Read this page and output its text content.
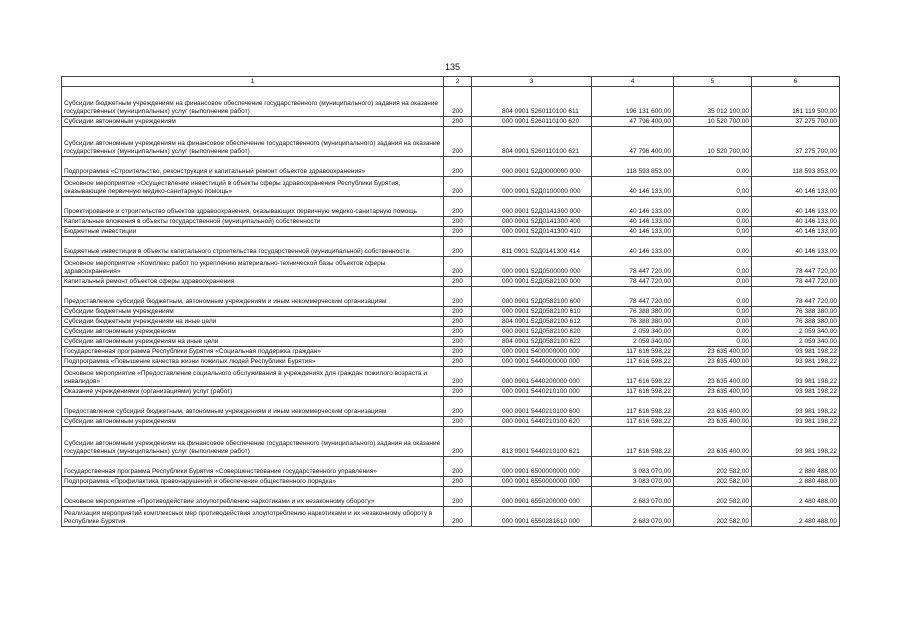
135
1	2	3	4	5	6
Субсидии бюджетным учреждениям на финансовое обеспечение государственного (муниципального) задания на оказание государственных (муниципальных) услуг (выполнение работ)	200	804 0901 5260110100 611	196 131 600,00	35 012 100,00	161 119 500,00
Субсидии автономным учреждениям	200	000 0901 5260110100 620	47 796 400,00	10 520 700,00	37 275 700,00
Субсидии автономным учреждениям на финансовое обеспечение государственного (муниципального) задания на оказание государственных (муниципальных) услуг (выполнение работ)	200	804 0901 5260110100 621	47 796 400,00	10 520 700,00	37 275 700,00
Подпрограмма «Строительство, реконструкция и капитальный ремонт объектов здравоохранения»	200	000 0901 52Д0000000 000	118 593 853,00	0,00	118 593 853,00
Основное мероприятие «Осуществление инвестиций в объекты сферы здравоохранения Республики Бурятия, оказывающие первичную медико-санитарную помощь»	200	000 0901 52Д0100000 000	40 146 133,00	0,00	40 146 133,00
Проектирование и строительство объектов здравоохранения, оказывающих первичную медико-санитарную помощь	200	000 0901 52Д0141300 000	40 146 133,00	0,00	40 146 133,00
Капитальные вложения в объекты государственной (муниципальной) собственности	200	000 0901 52Д0141300 400	40 146 133,00	0,00	40 146 133,00
Бюджетные инвестиции	200	000 0901 52Д0141300 410	40 146 133,00	0,00	40 146 133,00
Бюджетные инвестиции в объекты капитального строительства государственной (муниципальной) собственности	200	811 0901 52Д0141300 414	40 146 133,00	0,00	40 146 133,00
Основное мероприятие «Комплекс работ по укреплению материально-технической базы объектов сферы здравоохранения»	200	000 0901 52Д0500000 000	78 447 720,00	0,00	78 447 720,00
Капитальный ремонт объектов сферы здравоохранения	200	000 0901 52Д0582100 000	78 447 720,00	0,00	78 447 720,00
Предоставление субсидий бюджетным, автономным учреждениям и иным некоммерческим организациям	200	000 0901 52Д0582100 600	78 447 720,00	0,00	78 447 720,00
Субсидии бюджетным учреждениям	200	000 0901 52Д0582100 610	76 388 380,00	0,00	76 388 380,00
Субсидии бюджетным учреждениям на иные цели	200	804 0901 52Д0582100 612	76 388 380,00	0,00	76 388 380,00
Субсидии автономным учреждениям	200	000 0901 52Д0582100 620	2 059 340,00	0,00	2 059 340,00
Субсидии автономным учреждениям на иные цели	200	804 0901 52Д0582100 622	2 059 340,00	0,00	2 059 340,00
Государственная программа Республики Бурятия «Социальная поддержка граждан»	200	000 0901 5400000000 000	117 616 598,22	23 635 400,00	93 981 198,22
Подпрограмма «Повышение качества жизни пожилых людей Республики Бурятия»	200	000 0901 5440000000 000	117 616 598,22	23 635 400,00	93 981 198,22
Основное мероприятие «Предоставление социального обслуживания в учреждениях для граждан пожилого возраста и инвалидов»	200	000 0901 5440200000 000	117 616 598,22	23 635 400,00	93 981 198,22
Оказание учреждениями (организациями) услуг (работ)	200	000 0901 5440210100 000	117 616 598,22	23 635 400,00	93 981 198,22
Предоставление субсидий бюджетным, автономным учреждениям и иным некоммерческим организациям	200	000 0901 5440210100 600	117 616 598,22	23 635 400,00	93 981 198,22
Субсидии автономным учреждениям	200	000 0901 5440210100 620	117 616 598,22	23 635 400,00	93 981 198,22
Субсидии автономным учреждениям на финансовое обеспечение государственного (муниципального) задания на оказание государственных (муниципальных) услуг (выполнение работ)	200	813 0901 5440210100 621	117 616 598,22	23 635 400,00	93 981 198,22
Государственная программа Республики Бурятия «Совершенствование государственного управления»	200	000 0901 6500000000 000	3 083 070,00	202 582,00	2 880 488,00
Подпрограмма «Профилактика правонарушений и обеспечение общественного порядка»	200	000 0901 6550000000 000	3 083 070,00	202 582,00	2 880 488,00
Основное мероприятие «Противодействие злоупотреблению наркотиками и их незаконному обороту»	200	000 0901 6550200000 000	2 683 070,00	202 582,00	2 480 488,00
Реализация мероприятий комплексных мер противодействия злоупотреблению наркотиками и их незаконному обороту в Республике Бурятия	200	000 0901 6550281610 000	2 683 070,00	202 582,00	2 480 488,00
